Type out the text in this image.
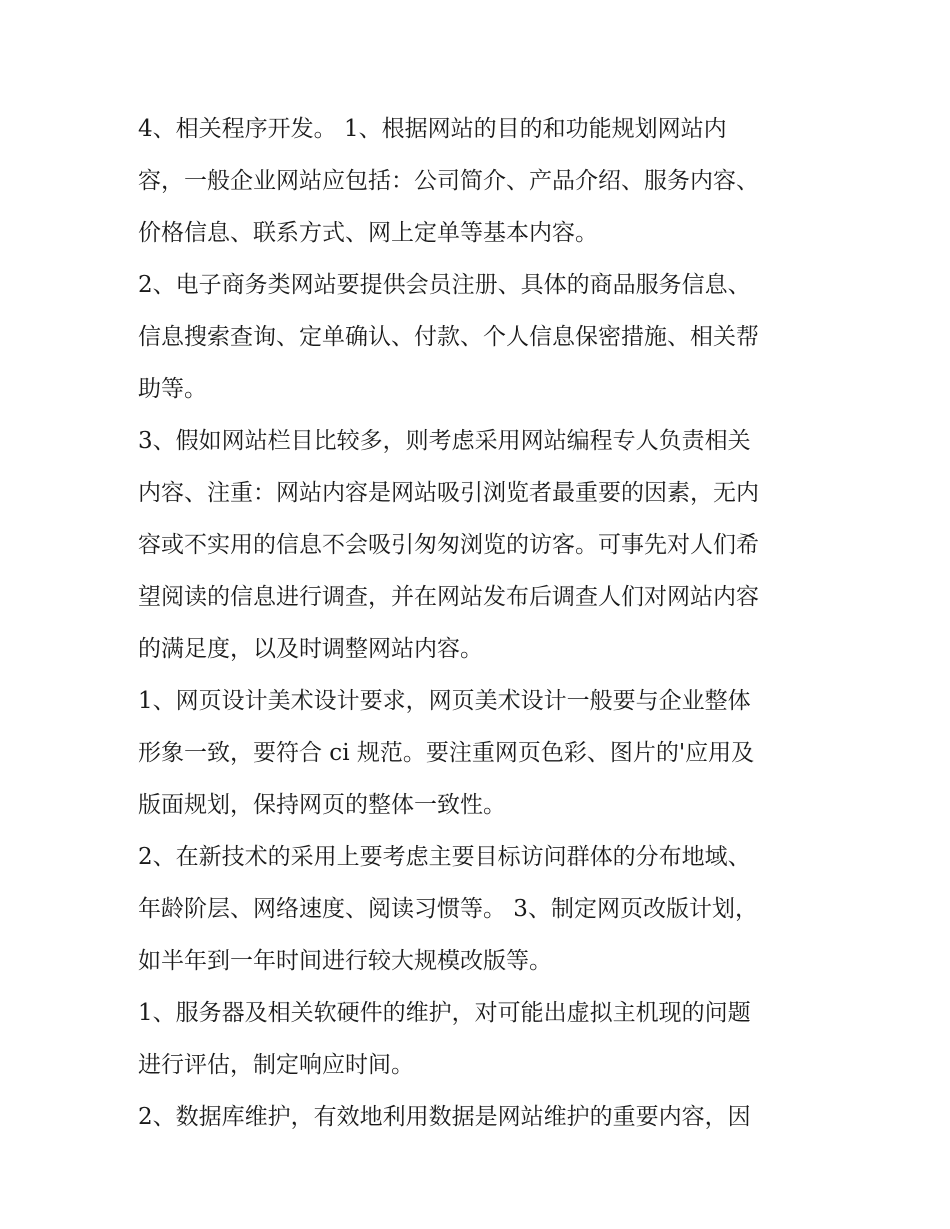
4、相关程序开发。 1、根据网站的目的和功能规划网站内
容，一般企业网站应包括：公司简介、产品介绍、服务内容、
价格信息、联系方式、网上定单等基本内容。

2、电子商务类网站要提供会员注册、具体的商品服务信息、
信息搜索查询、定单确认、付款、个人信息保密措施、相关帮
助等。

3、假如网站栏目比较多，则考虑采用网站编程专人负责相关
内容、注重：网站内容是网站吸引浏览者最重要的因素，无内
容或不实用的信息不会吸引匆匆浏览的访客。可事先对人们希
望阅读的信息进行调查，并在网站发布后调查人们对网站内容
的满足度，以及时调整网站内容。

1、网页设计美术设计要求，网页美术设计一般要与企业整体
形象一致，要符合 ci 规范。要注重网页色彩、图片的'应用及
版面规划，保持网页的整体一致性。

2、在新技术的采用上要考虑主要目标访问群体的分布地域、
年龄阶层、网络速度、阅读习惯等。 3、制定网页改版计划，
如半年到一年时间进行较大规模改版等。

1、服务器及相关软硬件的维护，对可能出虚拟主机现的问题
进行评估，制定响应时间。

2、数据库维护，有效地利用数据是网站维护的重要内容，因
